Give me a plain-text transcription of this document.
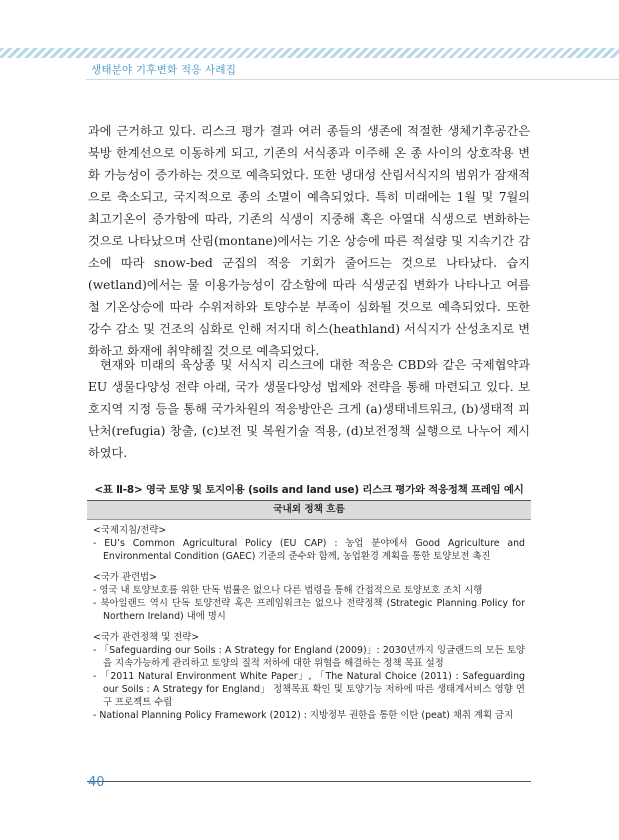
생태분야 기후변화 적응 사례집

과에 근거하고 있다. 리스크 평가 결과 여러 종들의 생존에 적절한 생체기후공간은 북방 한계선으로 이동하게 되고, 기존의 서식종과 이주해 온 종 사이의 상호작용 변화 가능성이 증가하는 것으로 예측되었다. 또한 냉대성 산림서식지의 범위가 잠재적으로 축소되고, 국지적으로 종의 소멸이 예측되었다. 특히 미래에는 1월 및 7월의 최고기온이 증가함에 따라, 기존의 식생이 지중해 혹은 아열대 식생으로 변화하는 것으로 나타났으며 산림(montane)에서는 기온 상승에 따른 적설량 및 지속기간 감소에 따라 snow-bed 군집의 적응 기회가 줄어드는 것으로 나타났다. 습지(wetland)에서는 물 이용가능성이 감소함에 따라 식생군집 변화가 나타나고 여름철 기온상승에 따라 수위저하와 토양수분 부족이 심화될 것으로 예측되었다. 또한 강수 감소 및 건조의 심화로 인해 저지대 히스(heathland) 서식지가 산성초지로 변화하고 화재에 취약해질 것으로 예측되었다.

현재와 미래의 육상종 및 서식지 리스크에 대한 적응은 CBD와 같은 국제협약과 EU 생물다양성 전략 아래, 국가 생물다양성 법제와 전략을 통해 마련되고 있다. 보호지역 지정 등을 통해 국가차원의 적응방안은 크게 (a)생태네트워크, (b)생태적 피난처(refugia) 창출, (c)보전 및 복원기술 적용, (d)보전정책 실행으로 나누어 제시하였다.

<표 Ⅱ-8> 영국 토양 및 토지이용 (soils and land use) 리스크 평가와 적응정책 프레임 예시
국내외 정책 흐름

<국제지침/전략>

- EU’s Common Agricultural Policy (EU CAP) : 농업 분야에서 Good Agriculture and Environmental Condition (GAEC) 기준의 준수와 함께, 농업환경 계획을 통한 토양보전 촉진

<국가 관련법>

- 영국 내 토양보호를 위한 단독 법률은 없으나 다른 법령을 통해 간접적으로 토양보호 조치 시행

- 북아일랜드 역시 단독 토양전략 혹은 프레임워크는 없으나 전략정책 (Strategic Planning Policy for Northern Ireland) 내에 명시

<국가 관련정책 및 전략>

- 「Safeguarding our Soils : A Strategy for England (2009)」: 2030년까지 잉글랜드의 모든 토양을 지속가능하게 관리하고 토양의 질적 저하에 대한 위협을 해결하는 정책 목표 설정

- 「2011 Natural Environment White Paper」, 「The Natural Choice (2011) : Safeguarding our Soils : A Strategy for England」 정책목표 확인 및 토양기능 저하에 따른 생태계서비스 영향 연구 프로젝트 수립

- National Planning Policy Framework (2012) : 지방정부 권한을 통한 이탄 (peat) 채취 계획 금지

40
